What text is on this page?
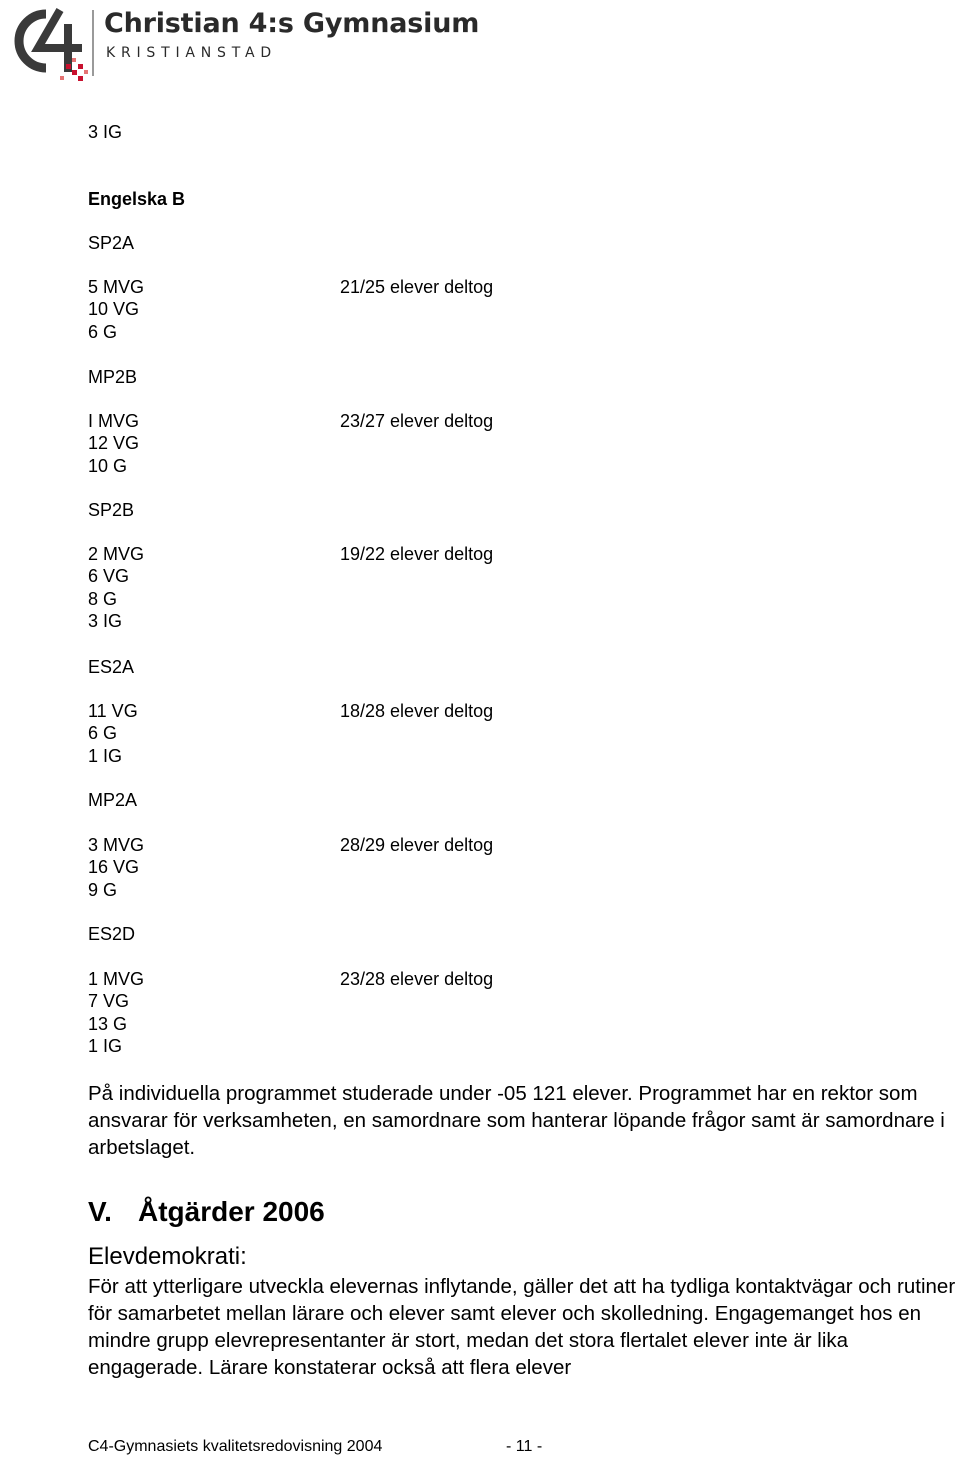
Christian 4:s Gymnasium
KRISTIANSTAD
3 IG
Engelska B
SP2A
5 MVG
10 VG
6 G
21/25 elever deltog
MP2B
I MVG
12 VG
10 G
23/27 elever deltog
SP2B
2 MVG
6 VG
8 G
3 IG
19/22 elever deltog
ES2A
11 VG
6 G
1 IG
18/28 elever deltog
MP2A
3 MVG
16 VG
9 G
28/29 elever deltog
ES2D
1 MVG
7 VG
13 G
1 IG
23/28 elever deltog
På individuella programmet studerade under -05 121 elever. Programmet har en rektor som ansvarar för verksamheten, en samordnare som hanterar löpande frågor samt är samordnare i arbetslaget.
V. Åtgärder 2006
Elevdemokrati:
För att ytterligare utveckla elevernas inflytande, gäller det att ha tydliga kontaktvägar och rutiner för samarbetet mellan lärare och elever samt elever och skolledning. Engagemanget hos en mindre grupp elevrepresentanter är stort, medan det stora flertalet elever inte är lika engagerade. Lärare konstaterar också att flera elever
C4-Gymnasiets kvalitetsredovisning 2004	- 11 -
